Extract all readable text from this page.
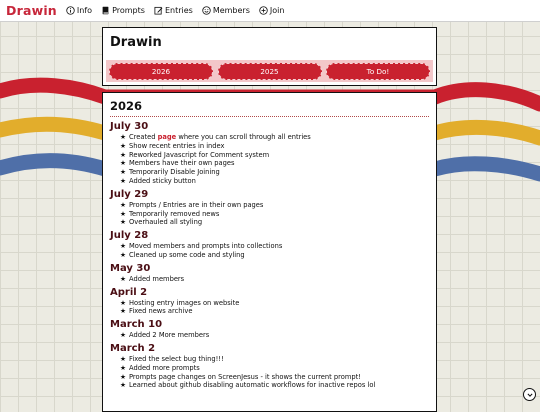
Drawin	Info	Prompts	Entries	Members	Join
Drawin
2026	2025	To Do!
2026
July 30
★ Created page where you can scroll through all entries
★ Show recent entries in index
★ Reworked Javascript for Comment system
★ Members have their own pages
★ Temporarily Disable Joining
★ Added sticky button
July 29
★ Prompts / Entries are in their own pages
★ Temporarily removed news
★ Overhauled all styling
July 28
★ Moved members and prompts into collections
★ Cleaned up some code and styling
May 30
★ Added members
April 2
★ Hosting entry images on website
★ Fixed news archive
March 10
★ Added 2 More members
March 2
★ Fixed the select bug thing!!!
★ Added more prompts
★ Prompts page changes on ScreenJesus - it shows the current prompt!
★ Learned about github disabling automatic workflows for inactive repos lol
